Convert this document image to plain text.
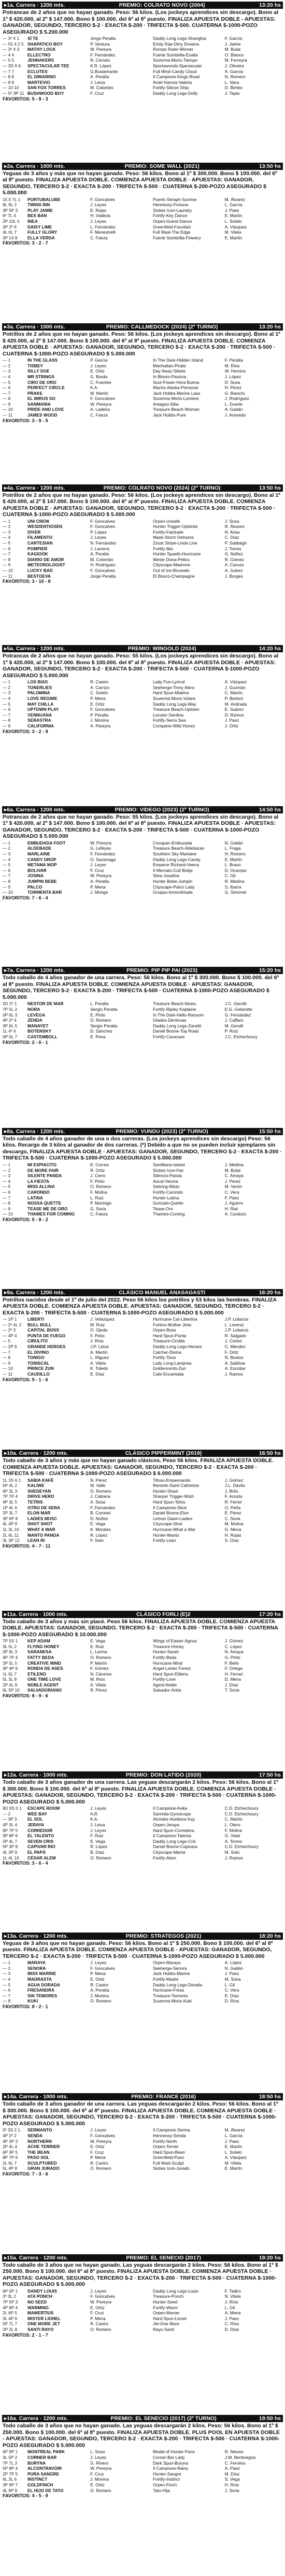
▸1a. Carrera · 1200 mts.	PREMIO: COLRATO NOVO (2004)	13:20 hs
Potrancas de 2 años que no hayan ganado. Peso: 56 kilos. (Los jockeys aprendices sin descargo). Bono al 1º $ 420.000, al 2º $ 147.000. Bono $ 100.000. del 6º al 8º puesto. FINALIZA APUESTA DOBLE - APUESTAS: GANADOR, SEGUNDO, TERCERO $-2 · EXACTA $-200 · TRIFECTA $-500. CUATERNA $-1000-POZO ASEGURADO $ 5.200.000
— 3º 4 1	SÍ TE	Jorge Peralta	Daddy Long Legs-Shanghai	F. García
— 55 4 2 5 SHAPATICO BOY	P. Ventura	Emily Rae-Dirty Dreams	J. Jaime
— 3º 4 3	MATHY LOCK	W. Pereyra	Roman Ruler-Winner	M. Bulat
— 4 4	ELLECTRO	F. Fernández	Fuerte Sombrilla-Exalta	O. Blanco
— 5 5	JENNAKERS	R. Cerrato	Suverma Moris-Tiempo	M. Ferreyra
— 3D 6 6	SPECTACULAR TEE	K.R. López	Sportswoods-Spectacular	J. Oliveira
— 7 7	ECLUTES	G.Bustamante	Full Mind-Candy Cloud	A. García
— 8 8	EL DIMARINO	A. Peralta	Il Campione-Kings Road	N. Romero
— 9 9	MARTEVIO	J. Leiva	Aniel Hamza-Valeria	L. Vaca
— 10 10	SAN FOX TORRES	M. Colombo	Fortify-Silicon Ship	D. Bimbo
— 5º 3P 11 BUSHWOOD BOY	F. Cruz	Daddy Long Legs-Dolly	J. Tapia
FAVORITOS: 5 - 8 - 3
▸2a. Carrera · 1000 mts.	PREMIO: SOME WALL (2021)	13:50 hs
Yeguas de 3 años y más que no hayan ganado. Peso: 56 kilos. Bono al 1º $ 300.000. Bono $ 100.000. del 6º al 8º puesto. FINALIZA APUESTA DOBLE. COMIENZA APUESTA DOBLE · APUESTAS: GANADOR, SEGUNDO, TERCERO $-2 · EXACTA $-200 · TRIFECTA $-500 · CUATERNA $-200-POZO ASEGURADO $ 5.000.000
15.5 7L 1	PORTUBALUBE	F. Goncalves	Puerto Seraph-Sunrise	M. Álvarez
8L 9L 2	TWINS INN	J. Leyes	Hennessy-Fortune	L. García
3P 5P 3	PLAY JAMIE	E. Rojas	Sixties Icon-Laundry	J. Paez
6º 7L 4	BEX BAN	H. Valdivia	Fortify-Key Dance	E. Martín
2P 10L 5	INEA	J. Leyes	Orpen-Grand Dance	L. Sotelo
3P 2º 6	DAISY LIME	L. Fernández	Greenfield-Fountain	A. Vásquez
4L 0L 7	FULLY GLORY	F. Menestrelli	Full Mast-The Edge	M. Vilela
3P 14 8	ELLA VERDA	C. Faeza	Fuerte Sombrilla-Flowery	E. Martín
FAVORITOS: 3 - 2 - 7
▸3a. Carrera · 1000 mts.	PREMIO: CALLMEDOCK (2024) (2º TURNO)	13:20 hs
Potrillos de 2 años que no hayan ganado. Peso: 56 kilos. (Los jockeys aprendices sin descargo). Bono al 1º $ 420.000, al 2º $ 147.000. Bono $ 100.000. del 6º al 8º puesto. FINALIZA APUESTA DOBLE. COMIENZA APUESTA DOBLE · APUESTAS: GANADOR, SEGUNDO, TERCERO $-2 · EXACTA $-200 · TRIFECTA $-500 · CUATERNA $-1000-POZO ASEGURADO $ 5.000.000
— 1	IN THE GLASS	P. Garcia	In The Dark-Hidden Island	F. Peralta
— 2	TISBEY	J. Leyes	Manhattan-Pirate	M. Ríos
— 3	SILLY DUE	E. Ortiz	Day Away-Sibela	W. Herrera
— 4	MR STRINGS	G. Borda	In Bloom-Pastora	J. López
— 5	CIRO DE ORO	C. Fuentes	Soul Power-Hora Buena	D. Sosa
— 6	PERFECT CIRCLE	K.A.	Macho Alaska-Personal	H. Pérez
— 7	PRAKE	M. Martín	Jack Hobbs-Marine Lass	G. Bianchi
— 8	EL MIRUS SO	F. Goncalves	Suverma Moris-Lumiere	J. Rodríguez
— 9	SANMANIA	W. Pereyra	Aniagoo-Sitia	L. Duarte
— 10	PRIDE AND LOVE	A. Ladeira	Treasure Beach-Woman	A. Gaitán
— 11	JAMES WOOD	C. Faeza	Jack Hobbs-Pure	J. Acevedo
FAVORITOS: 3 - 9 - 5
▸4a. Carrera · 1200 mts.	PREMIO: COLRATO NOVO (2024) (2º TURNO)	13:50 hs
Potrillos de 2 años que no hayan ganado. Peso: 56 kilos. (Los jockeys aprendices sin descargo). Bono al 1º $ 420.000, al 2º $ 147.000. Bono $ 100.000. del 6º al 8º puesto. FINALIZA APUESTA DOBLE. COMIENZA APUESTA DOBLE · APUESTAS: GANADOR, SEGUNDO, TERCERO $-2 · EXACTA $-200 · TRIFECTA $-500 · CUATERNA $-1000-POZO ASEGURADO $ 5.000.000
— 1	UNI CREW	F. Goncalves	Orpen-Unsafe	J. Sosa
— 2	WESDENTIOSEN	F. Goncalves	Hunter Trigger-Optimist	R. Álvarez
— 3	DIVER	P. Lópes	Fortify-Fairtrade	N. Arias
— 4	FILAMENTO	J. Leyes	Mask-Storm Detrame	C. Díaz
— 5	CARTESIAN	N. Fernández	Zoust Stripe-Linda Line	P. Sabbagh
— 6	POMPIER	J. Lacerra	Fortify-Ibis	J. Torres
— 7	KAGIOOK	A. Peralta	Hunter Spaeth-Hurricane	G. Núñez
— 8	DIARIO DE AMOR	M. Colombo	Wesle Dona-Pellou	R. Gómez
— 9	METEOROLOGIST	H. Rodríguez	Cityscape-Madrone	A. Caruso
— 10	LUCKY BAD	F. Goncalves	Out of Ice-Brussels	A. Juárez
— 11	BESTOEVA	Jorge Peralta	El Bosco-Champagne	J. Borges
FAVORITOS: 3 - 10 - 8
▸5a. Carrera · 1200 mts.	PREMIO: WINGOLD (2024)	14:20 hs
Potrancas de 2 años que no hayan ganado. Peso: 55 kilos. (Los jockeys aprendices sin descargo). Bono al 1º $ 420.000, al 2º $ 147.000. Bono $ 100.000. del 6º al 8º puesto. FINALIZA APUESTA DOBLE · APUESTAS: GANADOR, SEGUNDO, TERCERO $-2 · EXACTA $-200 · TRIFECTA $-500 · CUATERNA $-1000-POZO ASEGURADO $ 5.000.000
— 1	LOS BIAS	R. Castro	Lady Fun-Lyrical	A. Vázquez
— 2	TONERLIES	A. Carrizo	Seeherge-Tinny Alero	J. Guzmán
— 3	PALOMINA	C. Sotelo	Hard Spun-Mialma	C. Martín
— 4	LOVE REGIME	P. Mena	Suverma Moris-Volare	P. Bertoni
— 5	MAY CHILLA	E. Ortiz	Daddy Long Legs-May	M. Andrada
— 6	UPTOWN PLAY	F. Goncalves	Treasure Beach-Uptown	E. Suárez
— 7	VENNUANA	P. Peralta	Locutor-Sardina	D. Ramos
— 8	SERASTRA	J. Monina	Fortify-Serra Sea	J. Paez
— 9	CALIFORNIA	A. Pereyra	Compane-Wild Honey	J. Ortiz
FAVORITOS: 3 - 2 - 9
▸6a. Carrera · 1200 mts.	PREMIO: VIDEGO (2023) (2º TURNO)	14:50 hs
Potrancas de 2 años que no hayan ganado. Peso: 55 kilos. (Los jockeys aprendices sin descargo). Bono al 1º $ 420.000, al 2º $ 147.000. Bono $ 100.000. del 6º al 8º puesto. FINALIZA APUESTA DOBLE · APUESTAS: GANADOR, SEGUNDO, TERCERO $-2 · EXACTA $-200 · TRIFECTA $-500 · CUATERNA $-1000-POZO ASEGURADO $ 5.000.000
— 1	EMBUDADA FOOT	W. Pereyra	Cocapan-Embuzada	N. Gaitán
— 2	ALDEBADE	G. Lefeyes	Treasure Beach-Aldebaran	L. Fraga
— 3	MARLAINE	F. Fernández	Southern Sky-Marlaine	H. Romero
— 4	CANDY DROP	O. Saramaga	Daddy Long Legs-Candy	E. Martín
— 5	METAMA MOP	J. Leyes	Emperor Richard-Veena	L. Bravo
— 6	BOLIVAR	F. Cruz	Il Mercato-Cuti Bolija	D. Ocampo
— 7	JOSINA	W. Pereyra	Slew-Josaline	C. Gil
— 8	JUMPIN BEBE	A. Peralta	Hunter Bebe-Jumpin	R. Medina
— 9	PALCO	P. Mena	Cityscape-Palco Lady	S. Ibarra
— 10	TORMENTA BAR	J. Monge	Gruppo-Inmovilizada	G. Simonet
FAVORITOS: 7 - 6 - 4
▸7a. Carrera · 1200 mts.	PREMIO: PIP PIP PAI (2023)	15:20 hs
Todo caballo de 4 años ganador de una carrera. Peso: 56 kilos. Bono al 1º $ 300.000. Bono $ 100.000. del 6º al 8º puesto. FINALIZA APUESTA DOBLE. COMIENZA APUESTA DOBLE · APUESTAS: GANADOR, SEGUNDO, TERCERO $-2 · EXACTA $-200 · TRIFECTA $-500 · CUATERNA $-1000-POZO ASEGURADO $ 5.000.000
2D 2º 1	NESTOR DE MAR	L. Peralta	Treasure Beach-Nestu	J.C. Gerotti
7P 5L 2	NORA	Sergio Peralta	Fortify-Ripley Kaplaine	E.G. Gelarotte
0P 6L 3	LEVEGA	E. Pinto	In The Dark-Hello Ransom	G. Fernández
4P 2º 4	ZENDA	O. Romero	Glades-Dentonas	J. Caffaro
3P 6L 5	MANAYET	Sergio Peralta	Daddy Long Legs-Zanetti	M. Gerolli
1L 4º 6	BOTENSKY	D. Sánchez	Daniel Boone-Top Road	P. Ruiz
0P 0L 7	CASTEMBOLL	E. Pena	Fortify-Caracaze	J.C. Etchechoury
FAVORITOS: 2 - 6 - 1
▸8a. Carrera · 1200 mts.	PREMIO: VUNDU (2023) (2º TURNO)	15:50 hs
Todo caballo de 4 años ganador de una o dos carreras. (Los jockeys aprendices sin descargo) Peso: 56 kilos. Recargo de 3 kilos al ganador de dos carreras. (*) Debido a que no se pueden incluir ejemplares sin descargo, FINALIZA APUESTA DOBLE · APUESTAS: GANADOR, SEGUNDO, TERCERO $-2 · EXACTA $-200 · TRIFECTA $-500 · CUATERNA $-1000-POZO ASEGURADO $ 5.000.000
— 1	MI EXPIACITO	E. Correa	Santillana-Island	J. Medina
— 2	DE MORE FAIR	R. Ortiz	Sixties Icon-Fair	M. Bulat
— 3	SILENTE PANDA	J. Cerro	Silencio-Panda	C. Amaya
— 4	LA FIESTA	F. Pinto	Ascot-Vecina	J. Perez
— 5	MISS ALLINA	O. Romero	Sebring-Misto	M. Verón
— 6	CARONDO	F. Molina	Fortify-Carondo	C. Vera
— 7	LATINA	L. Ruiz	Hunter-Latina	F. Páez
— 8	NOSSA QUETTE	P. Morinigo	Gonzalo-Quette	J. Aguirre
— 9	TEASE ME DE ORO	G. Soria	Tease-Oro	H. Rial
— 10	THAMES FOR COMING	C. Faeza	Thames-Coming	A. Cardozo
FAVORITOS: 5 - 8 - 2
▸9a. Carrera · 1200 mts.	CLÁSICO MANUEL ANASAGASTI	16:20 hs
Potrillos nacidos desde el 1º de julio del 2022. Peso 56 kilos los potrillos y 53 kilos las hembras. FINALIZA APUESTA DOBLE. COMIENZA APUESTA DOBLE. APUESTAS: GANADOR, SEGUNDO, TERCERO $-2 · EXACTA $-200 · TRIFECTA $-500 · CUATERNA $-1000-POZO ASEGURADO $ 5.000.000
— 1P 1	LIBERTI	J. Velázquez	Hurricane Cat-Libertina	J.P. Lobarza
— 2º 4L 2	BULL BULL	M. Ruiz	Fortino-Mother Jime	L. Lorenzi
— 2º 3	CAPITAL BOSS	O. Ojeda	Orpen-Boss	J.P. Lobarza
— 4P 4	PUNTA DE FUEGO	F. Pinto	Hard Spun-Punta	R. Salgado
— 5	CIRULITO	J. Ríos	Treasure-Cirulita	J. Cortez
— 2P 6	GRANDE HEROES	J.P. Leiva	Daddy Long Legs-Heroes	C. Méndez
— 7	EL DIVINO	A. Martín	Catcher-Divina	F. Ortiz
— 8	TONIGO	L. Iñiguez	Fortify-Tona	N. Bustos
— 9	TONISCAL	A. Vilela	Lady Long-Lamprea	A. Saldivia
— 10	PRINCE ZUN	K. Toledo	Goldencents-Zun	A. Escobar
— 11	CAUDILLO	E. Díaz	Cale-Encantada	J. Ramos
FAVORITOS: 5 - 1 - 6
▸10a. Carrera · 1200 mts.	CLÁSICO PIPPERMINT (2019)	16:50 hs
Todo caballo de 3 años y más que no hayan ganado clásicos. Peso 56 kilos. FINALIZA APUESTA DOBLE. COMIENZA APUESTA DOBLE. APUESTAS: GANADOR, SEGUNDO, TERCERO $-2 · EXACTA $-200 · TRIFECTA $-500 · CUATERNA $-1000-POZO ASEGURADO $ 6.000.000
1L 3S 6 1	SABIA KAFÉ	N. Pérez	Tifoso-Empeorando	J. Gómez
5P 4L 2	KALIWE	M. Valle	Remote-Saint Catherine	J.L. Dávila
6P 3L 3	SHEDEYAN	O. Romero	Hunter-Shaw	J. Brito
7P 7P 4	DRIVE HERO	J. Cabrera	Sharper Trigger-Wish	F. Acosta
4P 3L 5	TETRIS	A. Sosa	Hard Spun-Tetris	R. Ferrer
1P 4L 6	OTRO DE SERA	F. Fernández	Il Campione-Stick	O. Peña
2P 3L 7	ELON MAR	B. Coronel	Daniel Boone-Elon	E. Pérez
3P 6P 8	LADIES MUSC	D. Núñez	Lemon Dawn-Ladies	C. Soria
4L 4P 9	SHOT SHOT	E. Vega	Cityscape-Shot	M. Molina
1L 3L 10	WHAT A WAR	K. Morales	Hurricane-What a War	G. Mena
2L 6L 11	MANTO PANDA	R. López	Hunter-Manto	H. Rojas
3L 3P 12	LEAN IN	F. Soto	Fortify-Lean	S. Díaz
FAVORITOS: 4 - 7 - 11
▸11a. Carrera · 1000 mts.	CLÁSICO FORLI (E)2	17:20 hs
Todo caballo de 3 años y más sin placé. Peso 56 kilos. FINALIZA APUESTA DOBLE. COMIENZA APUESTA DOBLE. APUESTAS: GANADOR, SEGUNDO, TERCERO $-2 · EXACTA $-200 · TRIFECTA $-500 · CUATERNA $-1000-POZO ASEGURADO $ 10.000.000
7P 5S 1	KEP ADAM	E. Vega	Wings of Easter-Agnus	J. Gómez
3L 5L 2	FLYING HONEY	E. Ruiz	Treasure-Honey	C. López
3P 6L 3	SARANESA	L. Lerma	Hunter-Sarah	N. Amaya
4P 7P 4	FATTY BEDA	O. Romero	Fortify-Beda	G. Pinto
2P 5L 5	CREATIVE MIND	P. Martín	Hurricane-Mind	F. Bello
3P 4P 6	RONDA DE ASES	F. Gómez	Angel-Lanier Forest	F. Ortega
1L 6L 7	ETILENO	N. Cáceres	Hard Spun-Etileno	H. Ferrari
5L 3L 8	ONE TIME LOVE	M. Ríos	Fortify-Love	D. Mena
2P 4L 9	NOBLE AGENT	A. Vilela	Agent-Noble	J. Díaz
6L 5P 10	SALVADORIANO	R. Pérez	Salvador-Anita	T. Soria
FAVORITOS: 8 - 9 - 6
▸12a. Carrera · 1000 mts.	PREMIO: DON LATIDO (2020)	17:50 hs
Todo caballo de 3 años ganador de una carrera. Las yeguas descargarán 2 kilos. Peso: 56 kilos. Bono al 1º $ 300.000. Bono $ 100.000. del 6º al 8º puesto. FINALIZA APUESTA DOBLE. COMIENZA APUESTA DOBLE · APUESTAS: GANADOR, SEGUNDO, TERCERO $-2 · EXACTA $-200 · TRIFECTA $-500 · CUATERNA $-1000-POZO ASEGURADO $ 5.000.000
9D 9S 0 1	ESCAPE ROOM	J. Leyes	Il Campione-Keka	C.D. Etchechoury
— 2	WEE BAY	A.R.	Sanmita-Gyroscope	C.D. Etchechoury
— 3P 3	EL SOL	K.A.	Alcindor-Avellana Kay	C. Martín
4P 3L 4	JERAYA	J. Leiva	Orpen-Jeraya	L. Otero
6P 7P 5	CORREDOR	J. Leyes	Hard Spun-Corredora	F. Molina
3P 8P 6	EL TALENTO	F. Ruiz	Il Campione-Talenta	G. Vidal
2P 4L 7	SEVEN CRIS	E. Vega	Daddy Long Legs-Cris	A. Torres
5P 3P 8	CAPIVAR RIO	R. López	Daniel Boone-Capivara	C.D. Etchechoury
4L 3P 9	EL PAPÁ	B. Díaz	Cityscape-Mamá	M. Soto
1L 4L 10	CÉSAR ALEM	O. Romero	Fortify-Alem	J. Ramos
FAVORITOS: 3 - 6 - 4
▸13a. Carrera · 1200 mts.	PREMIO: STRATEGOS (2021)	18:20 hs
Yeguas de 3 años que no hayan ganado. Peso: 56 kilos. Bono al 1º $ 250.000. Bono $ 100.000. del 6º al 8º puesto. FINALIZA APUESTA DOBLE. COMIENZA APUESTA DOBLE · APUESTAS: GANADOR, SEGUNDO, TERCERO $-2 · EXACTA $-200 · TRIFECTA $-500 · CUATERNA $-1000-POZO ASEGURADO $ 5.000.000
— 1	MARAYA	J. Leyes	Orpen-Maraya	A. López
— 2	SENORA	F. Goncalves	Seeherge-Senora	N. Gaitán
— 3	MISS MARINE	P. Mena	Jack Hobbs-Marine	J. Paez
— 4	MADRASTA	E. Ortiz	Fortify-Madre	M. Soria
— 5	AGUA DORADA	R. Castro	Daddy Long Legs-Dorada	L. Gil
— 6	FRESANDRA	A. Peralta	Hurricane-Fresa	C. Vera
— 7	SIN TEMORES	J. Monina	Treasure-Temores	E. Díaz
— 8	KUKI	O. Romero	Suverma Moris-Kuki	D. Ríos
FAVORITOS: 8 - 2 - 1
▸14a. Carrera · 1000 mts.	PREMIO: FRANCE (2016)	18:50 hs
Todo caballo de 3 años ganador de una carrera. Las yeguas descargarán 2 kilos. Peso: 56 kilos. Bono al 1º $ 300.000. Bono $ 100.000. del 6º al 8º puesto. FINALIZA APUESTA DOBLE. COMIENZA APUESTA DOBLE · APUESTAS: GANADOR, SEGUNDO, TERCERO $-2 · EXACTA $-200 · TRIFECTA $-500 · CUATERNA $-1000-POZO ASEGURADO $ 5.000.000
3º 3S 2 1	SERMANTO	J. Leyes	Il Campione-Serma	M. Álvarez
4P 2º 2	SENDA	F. Goncalves	Hennessy-Senda	L. García
4P 3P 3	NORTHERN	W. Pereyra	Fortify-North	J. Paez
2P 4L 4	ACHE TERRIER	E. Ortiz	Orpen-Terrier	E. Martín
6P 3P 5	THE BEAN	F. Cruz	Hard Spun-Bean	L. Sotelo
8P 7P 6	PASO SOL	P. Mena	Greenfield-Paso	A. Vásquez
2L 6L 7	SCULPTURED	R. Castro	Full Mast-Sculpt	M. Vilela
5L 4P 8	GRAN JURADO	O. Romero	Sixties Icon-Jurado	E. Martín
FAVORITOS: 7 - 3 - 6
▸15a. Carrera · 1200 mts.	PREMIO: EL SENECIO (2017)	19:20 hs
Todo caballo de 3 años que no hayan ganado. Las yeguas descargarán 2 kilos. Peso: 56 kilos. Bono al 1º $ 250.000. Bono $ 100.000. del 6º al 8º puesto. FINALIZA APUESTA DOBLE. COMIENZA APUESTA DOBLE · APUESTAS: GANADOR, SEGUNDO, TERCERO $-2 · EXACTA $-200 · TRIFECTA $-500 · CUATERNA $-1000-POZO ASEGURADO $ 5.000.000
6P 0P 1	DANDY LOUIS	J. Leyes	Daddy Long Legs-Louis	F. Tadiro
3º 3L 2	ATA PONCH	F. Goncalves	Treasure-Ponch	N. Vilela
7P 5P 3	NO SEED	W. Pereyra	Hunter-Seed	J. Ríos
4P 8P 4	WARMING	E. Ortiz	Fortify-Warm	L. Gil
2L 6P 5	MAMERTIUS	F. Cruz	Orpen-Mamer	A. Mena
3L 4P 6	MISTER LIONEL	P. Mena	Hard Spun-Lionel	J. Paez
5P 7L 7	ONE MORE JET	R. Castro	Jet-One More	C. Ríos
2P 2L 8	SANTI RAYO	O. Romero	Rayo-Santi	D. Díaz
FAVORITOS: 2 - 1 - 7
▸16a. Carrera · 1200 mts.	PREMIO: EL SENECIO (2017) (2º TURNO)	19:50 hs
Todo caballo de 3 años que no hayan ganado. Las yeguas descargarán 2 kilos. Peso: 56 kilos. Bono al 1º $ 250.000. Bono $ 100.000. del 6º al 8º puesto. FINALIZA APUESTA DOBLE. PLUS POOL EN APUESTA DOBLE - APUESTAS: GANADOR, SEGUNDO, TERCERO $-2 · EXACTA $-200 · TRIFECTA $-500 · CUATERNA $-1000-POZO ASEGURADO $ 5.000.000
6P 9P 1	MONTREAL PARK	L. Sosa	Model of Hunter-Paris	R. Nieves
3L 5P 2	CORNER BAR	J. Leyes	Corner-Bar Lady	J.M. Bentivegna
7P 7L 3	BURYNA	G. Rivero	Dark Spun-Buryna	C. Ferreira
5P 8P 4	ALCONTRAVOIR	W. Pereyra	Il Campione-Rainy	A. Paez
2P 7P 5	PURA SANGRE	F. Cruz	Hunter-Sangre	M. Díaz
6L 3L 6	INSTINCT	J. Monina	Fortify-Instinct	S. Vega
3P 6P 7	GOLDFINCH	E. Ortiz	Orpen-Finch	H. Ríos
4L 9P 8	EL HIJO DE TATO	O. Romero	Tato-Hija	J. Soria
FAVORITOS: 4 - 5 - 9
